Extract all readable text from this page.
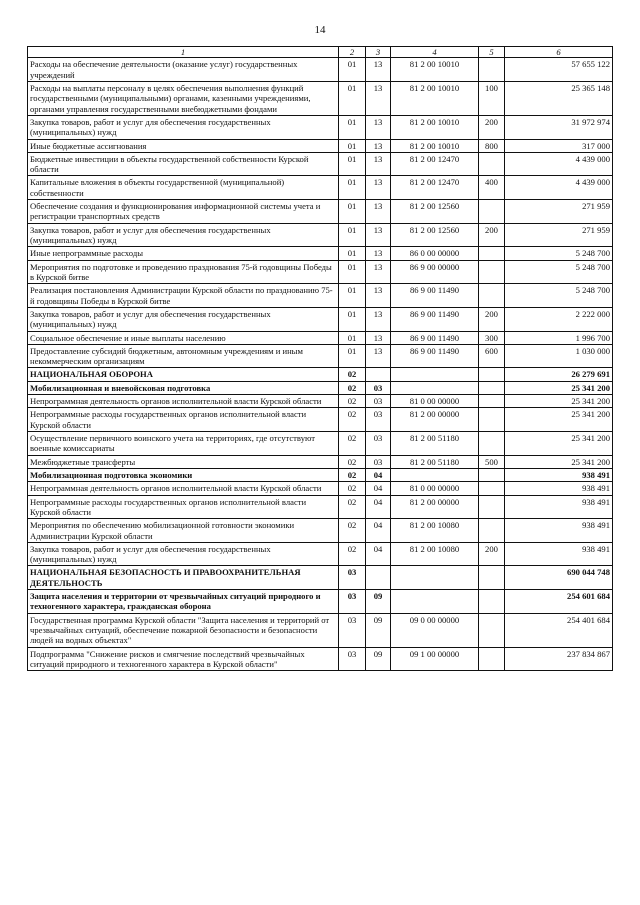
14
1	2	3	4	5	6
Расходы на обеспечение деятельности (оказание услуг) государственных учреждений	01	13	81 2 00 10010		57 655 122
Расходы на выплаты персоналу в целях обеспечения выполнения функций государственными (муниципальными) органами, казенными учреждениями, органами управления государственными внебюджетными фондами	01	13	81 2 00 10010	100	25 365 148
Закупка товаров, работ и услуг для обеспечения государственных (муниципальных) нужд	01	13	81 2 00 10010	200	31 972 974
Иные бюджетные ассигнования	01	13	81 2 00 10010	800	317 000
Бюджетные инвестиции в объекты государственной собственности Курской области	01	13	81 2 00 12470		4 439 000
Капитальные вложения в объекты государственной (муниципальной) собственности	01	13	81 2 00 12470	400	4 439 000
Обеспечение создания и функционирования информационной системы учета и регистрации транспортных средств	01	13	81 2 00 12560		271 959
Закупка товаров, работ и услуг для обеспечения государственных (муниципальных) нужд	01	13	81 2 00 12560	200	271 959
Иные непрограммные расходы	01	13	86 0 00 00000		5 248 700
Мероприятия по подготовке и проведению празднования 75-й годовщины Победы в Курской битве	01	13	86 9 00 00000		5 248 700
Реализация постановления Администрации Курской области по празднованию 75-й годовщины Победы в Курской битве	01	13	86 9 00 11490		5 248 700
Закупка товаров, работ и услуг для обеспечения государственных (муниципальных) нужд	01	13	86 9 00 11490	200	2 222 000
Социальное обеспечение и иные выплаты населению	01	13	86 9 00 11490	300	1 996 700
Предоставление субсидий бюджетным, автономным учреждениям и иным некоммерческим организациям	01	13	86 9 00 11490	600	1 030 000
НАЦИОНАЛЬНАЯ ОБОРОНА	02				26 279 691
Мобилизационная и вневойсковая подготовка	02	03			25 341 200
Непрограммная деятельность органов исполнительной власти Курской области	02	03	81 0 00 00000		25 341 200
Непрограммные расходы государственных органов исполнительной власти Курской области	02	03	81 2 00 00000		25 341 200
Осуществление первичного воинского учета на территориях, где отсутствуют военные комиссариаты	02	03	81 2 00 51180		25 341 200
Межбюджетные трансферты	02	03	81 2 00 51180	500	25 341 200
Мобилизационная подготовка экономики	02	04			938 491
Непрограммная деятельность органов исполнительной власти Курской области	02	04	81 0 00 00000		938 491
Непрограммные расходы государственных органов исполнительной власти Курской области	02	04	81 2 00 00000		938 491
Мероприятия по обеспечению мобилизационной готовности экономики Администрации Курской области	02	04	81 2 00 10080		938 491
Закупка товаров, работ и услуг для обеспечения государственных (муниципальных) нужд	02	04	81 2 00 10080	200	938 491
НАЦИОНАЛЬНАЯ БЕЗОПАСНОСТЬ И ПРАВООХРАНИТЕЛЬНАЯ ДЕЯТЕЛЬНОСТЬ	03				690 044 748
Защита населения и территории от чрезвычайных ситуаций природного и техногенного характера, гражданская оборона	03	09			254 601 684
Государственная программа Курской области "Защита населения и территорий от чрезвычайных ситуаций, обеспечение пожарной безопасности и безопасности людей на водных объектах"	03	09	09 0 00 00000		254 401 684
Подпрограмма "Снижение рисков и смягчение последствий чрезвычайных ситуаций природного и техногенного характера в Курской области"	03	09	09 1 00 00000		237 834 867
